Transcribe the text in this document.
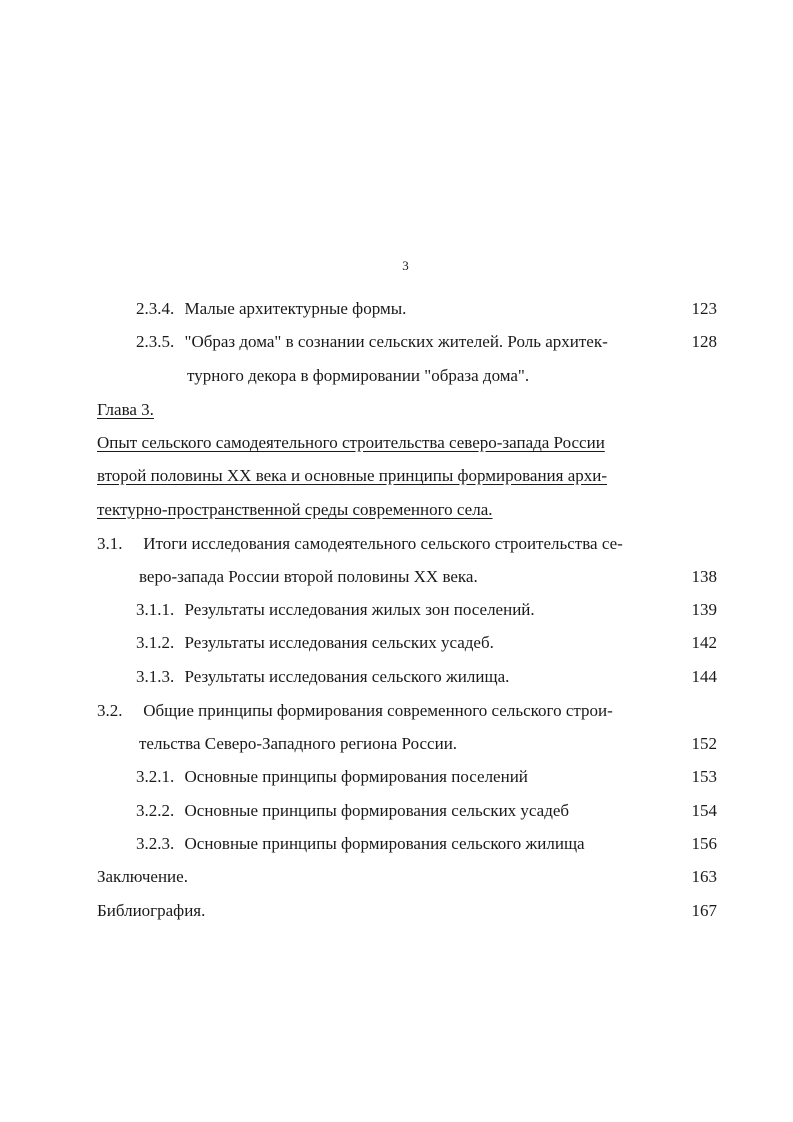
3
2.3.4. Малые архитектурные формы.	123
2.3.5. "Образ дома" в сознании сельских жителей. Роль архитек-	128
турного декора в формировании "образа дома".
Глава 3.
Опыт сельского самодеятельного строительства северо-запада России
второй половины XX века и основные принципы формирования архи-
тектурно-пространственной среды современного села.
3.1. Итоги исследования самодеятельного сельского строительства се-
веро-запада России второй половины XX века.	138
3.1.1. Результаты исследования жилых зон поселений.	139
3.1.2. Результаты исследования сельских усадеб.	142
3.1.3. Результаты исследования сельского жилища.	144
3.2. Общие принципы формирования современного сельского строи-
тельства Северо-Западного региона России.	152
3.2.1. Основные принципы формирования поселений	153
3.2.2. Основные принципы формирования сельских усадеб	154
3.2.3. Основные принципы формирования сельского жилища	156
Заключение.	163
Библиография.	167
